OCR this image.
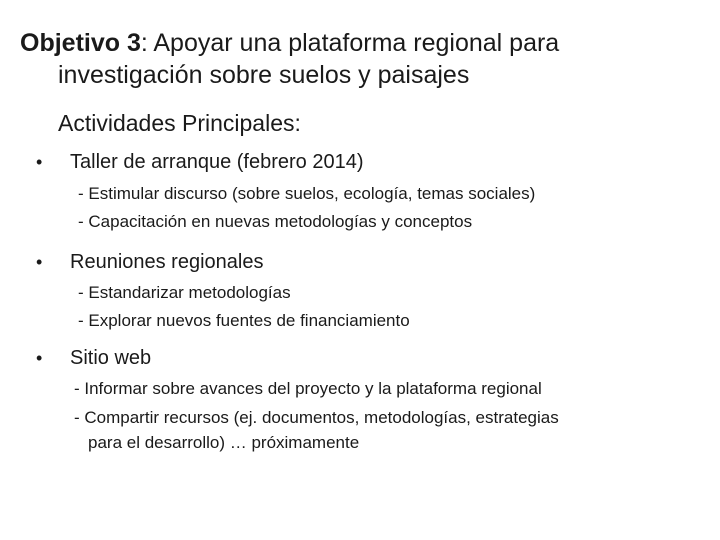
Objetivo 3: Apoyar una plataforma regional para
investigación sobre suelos y paisajes
Actividades Principales:
• Taller de arranque (febrero 2014)
- Estimular discurso (sobre suelos, ecología, temas sociales)
- Capacitación en nuevas metodologías y conceptos
• Reuniones regionales
- Estandarizar metodologías
- Explorar nuevos fuentes de financiamiento
• Sitio web
- Informar sobre avances del proyecto y la plataforma regional
- Compartir recursos (ej. documentos, metodologías, estrategias
para el desarrollo) … próximamente
